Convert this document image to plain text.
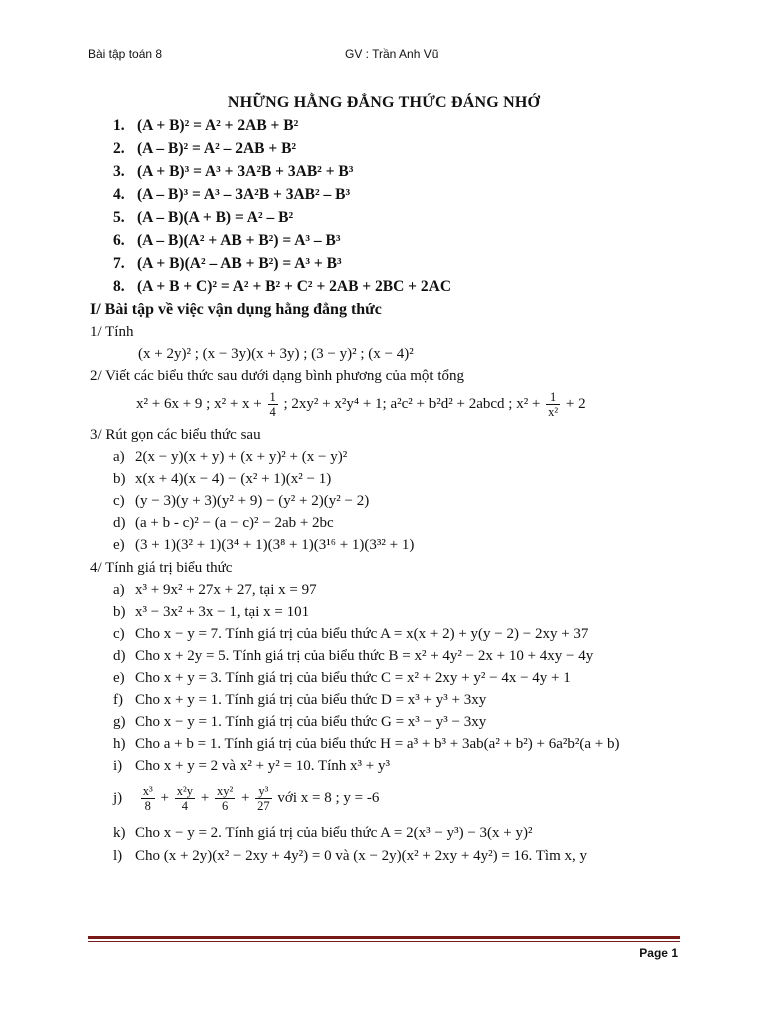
Bài tập toán 8	GV : Trần Anh Vũ
NHỮNG HẰNG ĐẲNG THỨC ĐÁNG NHỚ
1. (A + B)² = A² + 2AB + B²
2. (A – B)² = A² – 2AB + B²
3. (A + B)³ = A³ + 3A²B + 3AB² + B³
4. (A – B)³ = A³ – 3A²B + 3AB² – B³
5. (A – B)(A + B) = A² – B²
6. (A – B)(A² + AB + B²) = A³ – B³
7. (A + B)(A² – AB + B²) = A³ + B³
8. (A + B + C)² = A² + B² + C² + 2AB + 2BC + 2AC
I/ Bài tập về việc vận dụng hằng đẳng thức
1/ Tính
(x + 2y)² ; (x − 3y)(x + 3y) ; (3 − y)² ; (x − 4)²
2/ Viết các biểu thức sau dưới dạng bình phương của một tổng
x² + 6x + 9 ; $x^2 + x + \frac{1}{4}$ ; 2xy² + x²y⁴ + 1; a²c² + b²d² + 2abcd ; $x^2 + \frac{1}{\text{x²}} + 2$
3/ Rút gọn các biểu thức sau
a) 2(x − y)(x + y) + (x + y)² + (x − y)²
b) x(x + 4)(x − 4) − (x² + 1)(x² − 1)
c) (y − 3)(y + 3)(y² + 9) − (y² + 2)(y² − 2)
d) (a + b - c)² − (a − c)² − 2ab + 2bc
e) (3 + 1)(3² + 1)(3⁴ + 1)(3⁸ + 1)(3¹⁶ + 1)(3³² + 1)
4/ Tính giá trị biểu thức
a) x³ + 9x² + 27x + 27, tại x = 97
b) x³ − 3x² + 3x − 1, tại x = 101
c) Cho x − y = 7. Tính giá trị của biểu thức A = x(x + 2) + y(y − 2) − 2xy + 37
d) Cho x + 2y = 5. Tính giá trị của biểu thức B = x² + 4y² − 2x + 10 + 4xy − 4y
e) Cho x + y = 3. Tính giá trị của biểu thức C = x² + 2xy + y² − 4x − 4y + 1
f) Cho x + y = 1. Tính giá trị của biểu thức D = x³ + y³ + 3xy
g) Cho x − y = 1. Tính giá trị của biểu thức G = x³ − y³ − 3xy
h) Cho a + b = 1. Tính giá trị của biểu thức H = a³ + b³ + 3ab(a² + b²) + 6a²b²(a + b)
i) Cho x + y = 2 và x² + y² = 10. Tính x³ + y³
$j) \frac{\text{x³}}{8} + \frac{\text{x²y}}{4} + \frac{\text{xy²}}{6} + \frac{\text{y³}}{27}$ với x = 8 ; y = -6
k) Cho x − y = 2. Tính giá trị của biểu thức A = 2(x³ − y³) − 3(x + y)²
l) Cho (x + 2y)(x² − 2xy + 4y²) = 0 và (x − 2y)(x² + 2xy + 4y²) = 16. Tìm x, y
Page 1
